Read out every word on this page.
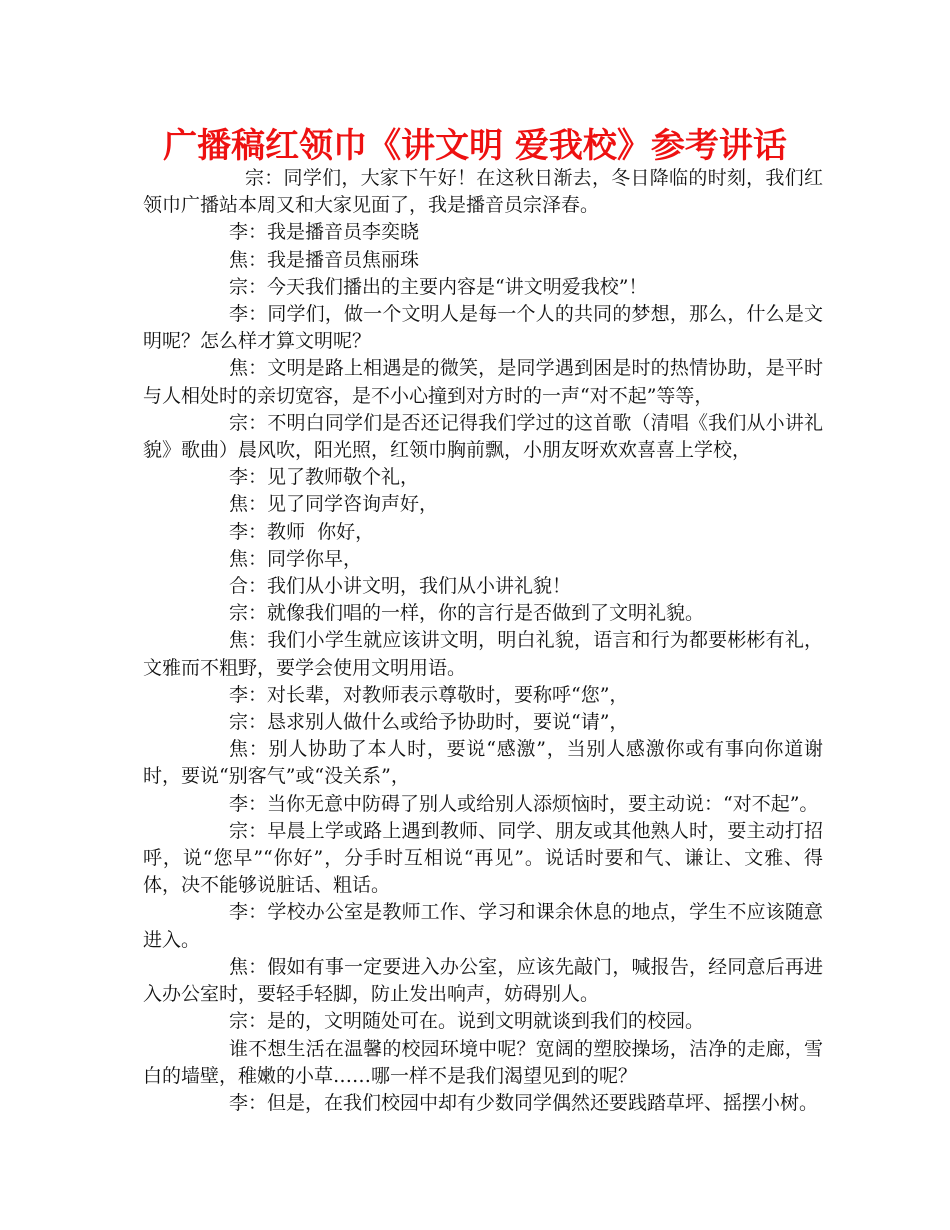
广播稿红领巾《讲文明 爱我校》参考讲话

宗：同学们，大家下午好！在这秋日渐去，冬日降临的时刻，我们红领巾广播站本周又和大家见面了，我是播音员宗泽春。

李：我是播音员李奕晓

焦：我是播音员焦丽珠

宗：今天我们播出的主要内容是“讲文明爱我校”！

李：同学们，做一个文明人是每一个人的共同的梦想，那么，什么是文明呢？怎么样才算文明呢？

焦：文明是路上相遇是的微笑，是同学遇到困是时的热情协助，是平时与人相处时的亲切宽容，是不小心撞到对方时的一声“对不起”等等，

宗：不明白同学们是否还记得我们学过的这首歌（清唱《我们从小讲礼貌》歌曲）晨风吹，阳光照，红领巾胸前飘，小朋友呀欢欢喜喜上学校，

李：见了教师敬个礼，

焦：见了同学咨询声好，

李：教师  你好，

焦：同学你早，

合：我们从小讲文明，我们从小讲礼貌！

宗：就像我们唱的一样，你的言行是否做到了文明礼貌。

焦：我们小学生就应该讲文明，明白礼貌，语言和行为都要彬彬有礼，文雅而不粗野，要学会使用文明用语。

李：对长辈，对教师表示尊敬时，要称呼“您”，

宗：恳求别人做什么或给予协助时，要说“请”，

焦：别人协助了本人时，要说“感激”，当别人感激你或有事向你道谢时，要说“别客气”或“没关系”，

李：当你无意中防碍了别人或给别人添烦恼时，要主动说：“对不起”。

宗：早晨上学或路上遇到教师、同学、朋友或其他熟人时，要主动打招呼，说“您早”“你好”，分手时互相说“再见”。说话时要和气、谦让、文雅、得体，决不能够说脏话、粗话。

李：学校办公室是教师工作、学习和课余休息的地点，学生不应该随意进入。

焦：假如有事一定要进入办公室，应该先敲门，喊报告，经同意后再进入办公室时，要轻手轻脚，防止发出响声，妨碍别人。

宗：是的，文明随处可在。说到文明就谈到我们的校园。

谁不想生活在温馨的校园环境中呢？宽阔的塑胶操场，洁净的走廊，雪白的墙壁，稚嫩的小草……哪一样不是我们渴望见到的呢？

李：但是，在我们校园中却有少数同学偶然还要践踏草坪、摇摆小树。
